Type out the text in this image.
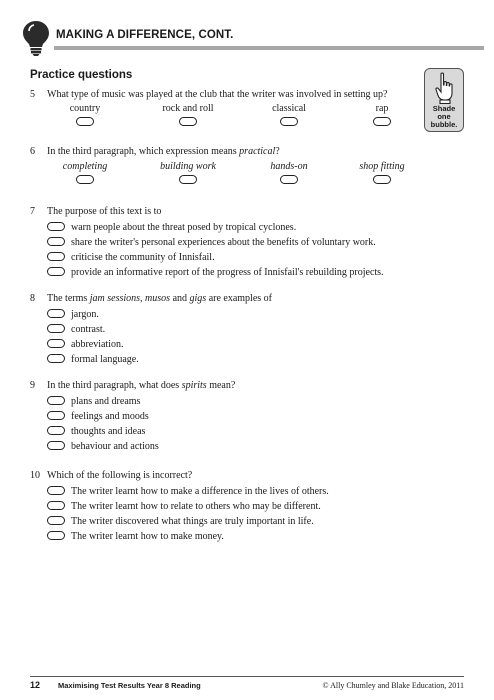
MAKING A DIFFERENCE, CONT.
Practice questions
Shade
one
bubble.
5 What type of music was played at the club that the writer was involved in setting up?
country	rock and roll	classical	rap
6 In the third paragraph, which expression means practical?
completing	building work	hands-on	shop fitting
7 The purpose of this text is to
warn people about the threat posed by tropical cyclones.
share the writer's personal experiences about the benefits of voluntary work.
criticise the community of Innisfail.
provide an informative report of the progress of Innisfail's rebuilding projects.
8 The terms jam sessions, musos and gigs are examples of
jargon.
contrast.
abbreviation.
formal language.
9 In the third paragraph, what does spirits mean?
plans and dreams
feelings and moods
thoughts and ideas
behaviour and actions
10 Which of the following is incorrect?
The writer learnt how to make a difference in the lives of others.
The writer learnt how to relate to others who may be different.
The writer discovered what things are truly important in life.
The writer learnt how to make money.
12 Maximising Test Results Year 8 Reading	© Ally Chumley and Blake Education, 2011
